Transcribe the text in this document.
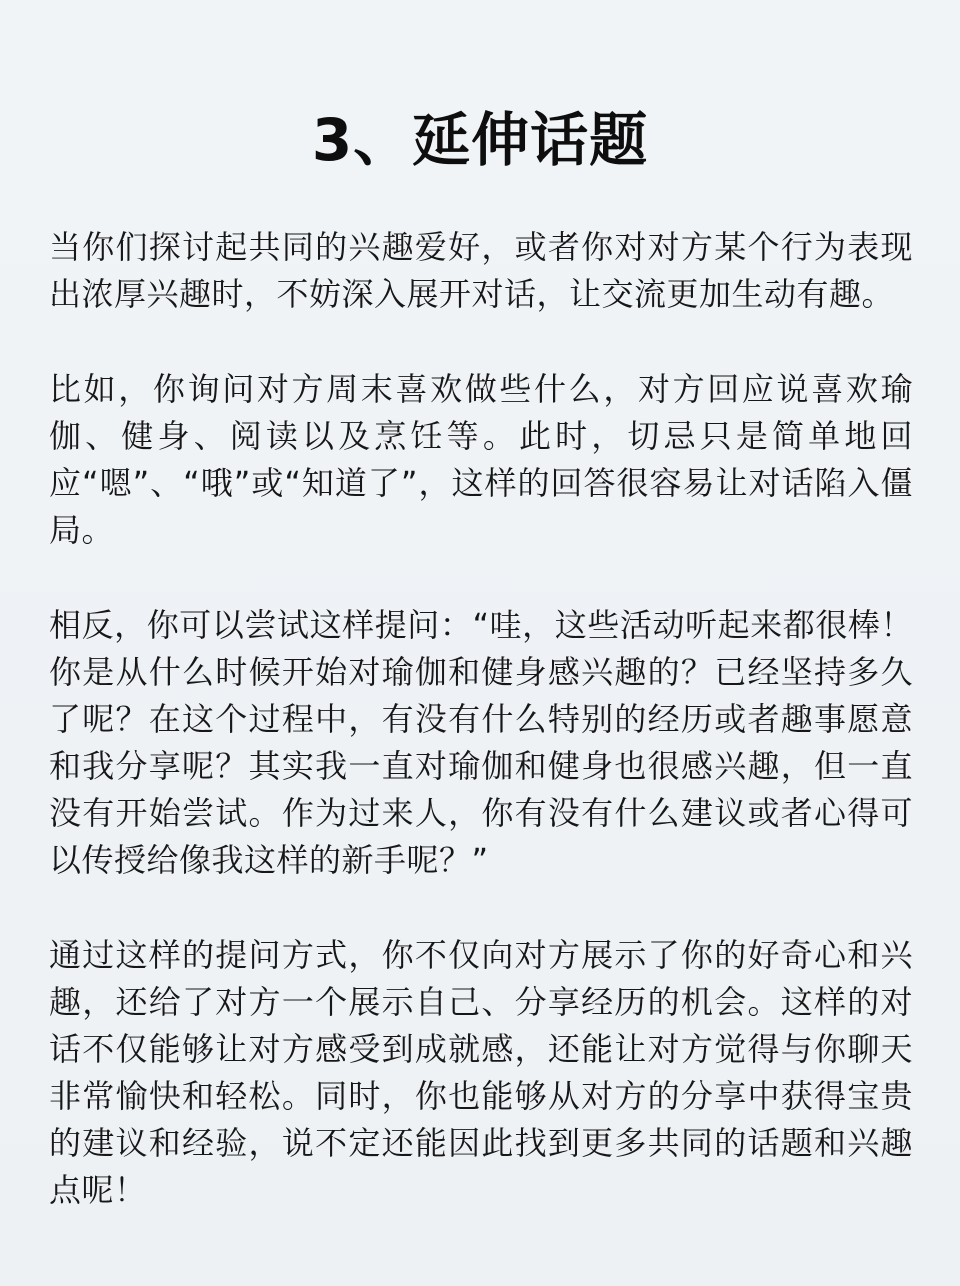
3、延伸话题

当你们探讨起共同的兴趣爱好，或者你对对方某个行为表现出浓厚兴趣时，不妨深入展开对话，让交流更加生动有趣。

比如，你询问对方周末喜欢做些什么，对方回应说喜欢瑜伽、健身、阅读以及烹饪等。此时，切忌只是简单地回应“嗯”、“哦”或“知道了”，这样的回答很容易让对话陷入僵局。

相反，你可以尝试这样提问：“哇，这些活动听起来都很棒！你是从什么时候开始对瑜伽和健身感兴趣的？已经坚持多久了呢？在这个过程中，有没有什么特别的经历或者趣事愿意和我分享呢？其实我一直对瑜伽和健身也很感兴趣，但一直没有开始尝试。作为过来人，你有没有什么建议或者心得可以传授给像我这样的新手呢？”

通过这样的提问方式，你不仅向对方展示了你的好奇心和兴趣，还给了对方一个展示自己、分享经历的机会。这样的对话不仅能够让对方感受到成就感，还能让对方觉得与你聊天非常愉快和轻松。同时，你也能够从对方的分享中获得宝贵的建议和经验，说不定还能因此找到更多共同的话题和兴趣点呢！
